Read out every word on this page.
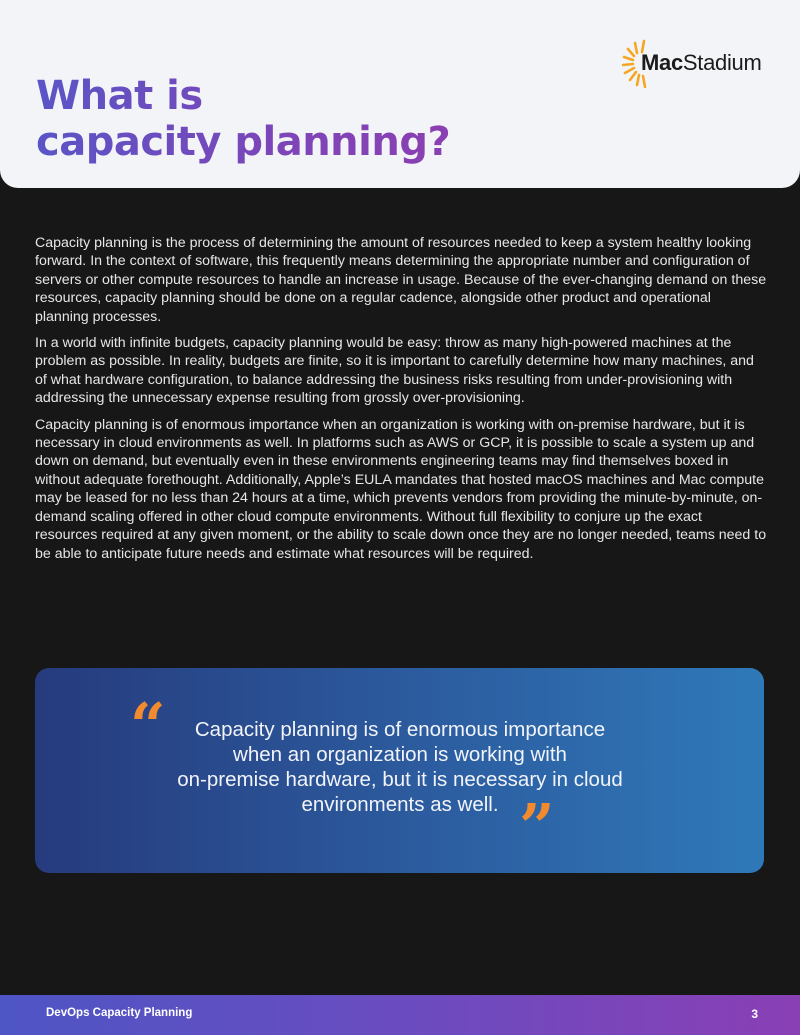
What is
capacity planning?
MacStadium

Capacity planning is the process of determining the amount of resources needed to keep a system healthy looking forward. In the context of software, this frequently means determining the appropriate number and configuration of servers or other compute resources to handle an increase in usage. Because of the ever-changing demand on these resources, capacity planning should be done on a regular cadence, alongside other product and operational planning processes.

In a world with infinite budgets, capacity planning would be easy: throw as many high-powered machines at the problem as possible. In reality, budgets are finite, so it is important to carefully determine how many machines, and of what hardware configuration, to balance addressing the business risks resulting from under-provisioning with addressing the unnecessary expense resulting from grossly over-provisioning.

Capacity planning is of enormous importance when an organization is working with on-premise hardware, but it is necessary in cloud environments as well. In platforms such as AWS or GCP, it is possible to scale a system up and down on demand, but eventually even in these environments engineering teams may find themselves boxed in without adequate forethought. Additionally, Apple’s EULA mandates that hosted macOS machines and Mac compute may be leased for no less than 24 hours at a time, which prevents vendors from providing the minute-by-minute, on-demand scaling offered in other cloud compute environments. Without full flexibility to conjure up the exact resources required at any given moment, or the ability to scale down once they are no longer needed, teams need to be able to anticipate future needs and estimate what resources will be required.

“	Capacity planning is of enormous importance
when an organization is working with
on-premise hardware, but it is necessary in cloud
environments as well. ”
DevOps Capacity Planning	3
